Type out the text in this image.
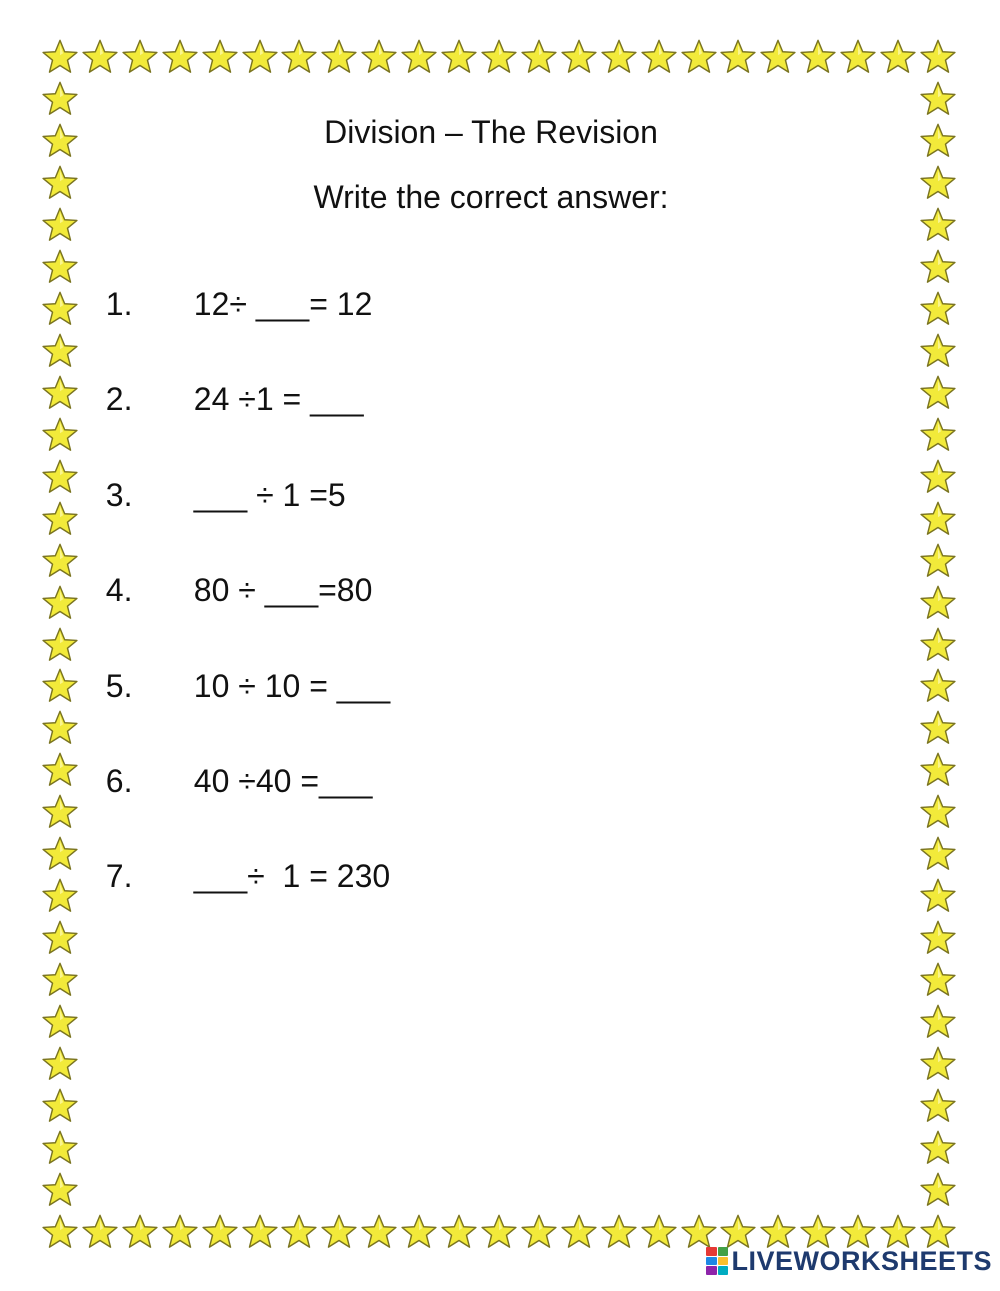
Division – The Revision
Write the correct answer:

1. 12÷ ___= 12

2. 24 ÷1 = ___

3. ___ ÷ 1 =5

4. 80 ÷ ___=80

5. 10 ÷ 10 = ___

6. 40 ÷40 =___

7. ___÷  1 = 230

LIVEWORKSHEETS
